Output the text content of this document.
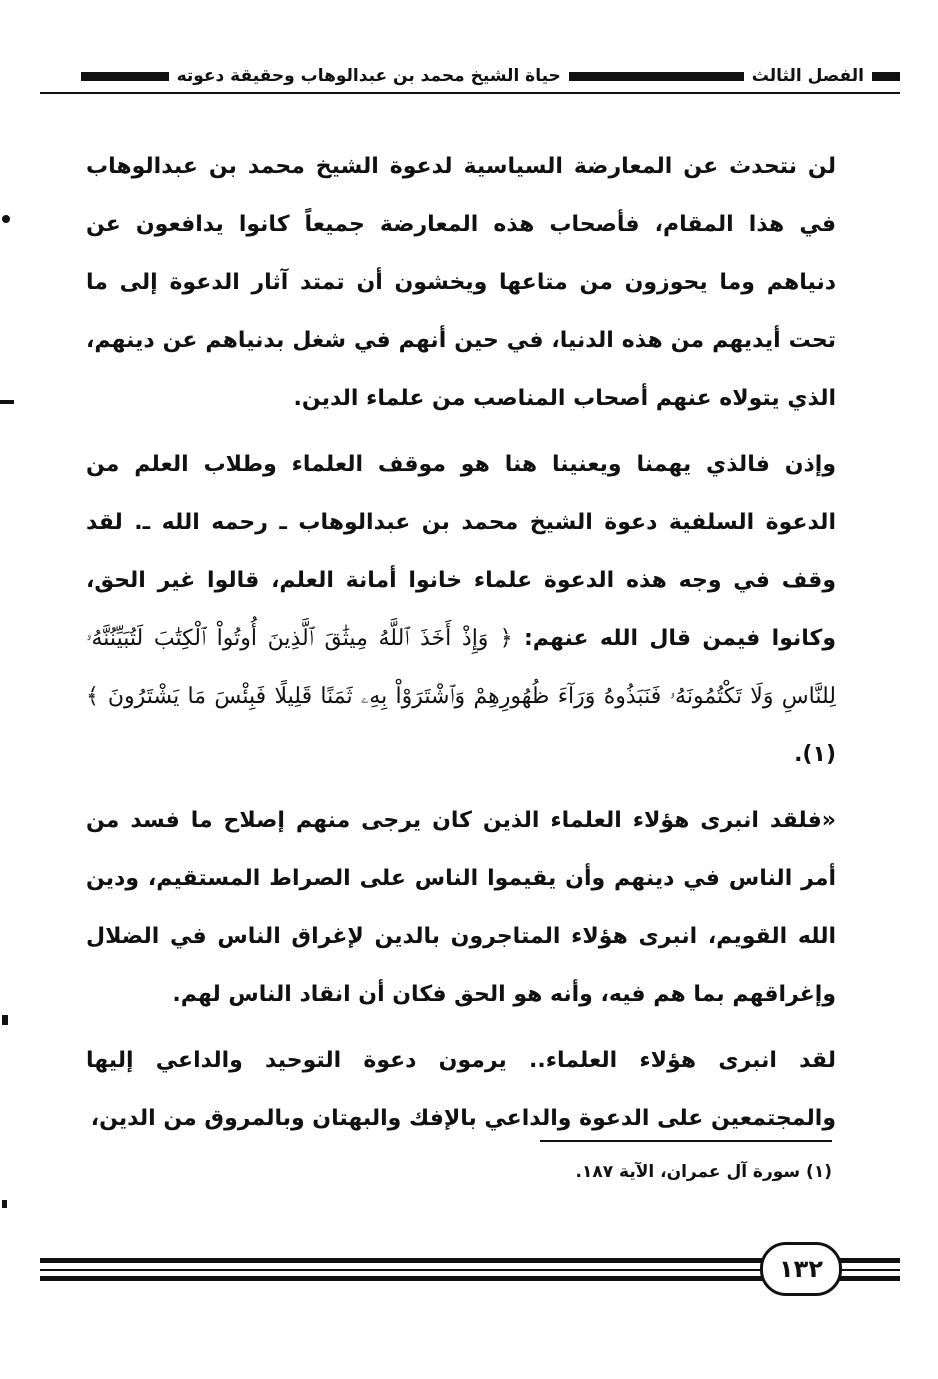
الفصل الثالث
حياة الشيخ محمد بن عبدالوهاب وحقيقة دعوته

لن نتحدث عن المعارضة السياسية لدعوة الشيخ محمد بن عبدالوهاب في هذا المقام، فأصحاب هذه المعارضة جميعاً كانوا يدافعون عن دنياهم وما يحوزون من متاعها ويخشون أن تمتد آثار الدعوة إلى ما تحت أيديهم من هذه الدنيا، في حين أنهم في شغل بدنياهم عن دينهم، الذي يتولاه عنهم أصحاب المناصب من علماء الدين.

وإذن فالذي يهمنا ويعنينا هنا هو موقف العلماء وطلاب العلم من الدعوة السلفية دعوة الشيخ محمد بن عبدالوهاب ـ رحمه الله ـ. لقد وقف في وجه هذه الدعوة علماء خانوا أمانة العلم، قالوا غير الحق، وكانوا فيمن قال الله عنهم: ﴿ وَإِذْ أَخَذَ ٱللَّهُ مِيثَٰقَ ٱلَّذِينَ أُوتُواْ ٱلْكِتَٰبَ لَتُبَيِّنُنَّهُۥ لِلنَّاسِ وَلَا تَكْتُمُونَهُۥ فَنَبَذُوهُ وَرَآءَ ظُهُورِهِمْ وَٱشْتَرَوْاْ بِهِۦ ثَمَنًا قَلِيلًا فَبِئْسَ مَا يَشْتَرُونَ ﴾ (١).

«فلقد انبرى هؤلاء العلماء الذين كان يرجى منهم إصلاح ما فسد من أمر الناس في دينهم وأن يقيموا الناس على الصراط المستقيم، ودين الله القويم، انبرى هؤلاء المتاجرون بالدين لإغراق الناس في الضلال وإغراقهم بما هم فيه، وأنه هو الحق فكان أن انقاد الناس لهم.

لقد انبرى هؤلاء العلماء.. يرمون دعوة التوحيد والداعي إليها والمجتمعين على الدعوة والداعي بالإفك والبهتان وبالمروق من الدين،

(١) سورة آل عمران، الآية ١٨٧.
١٣٢
